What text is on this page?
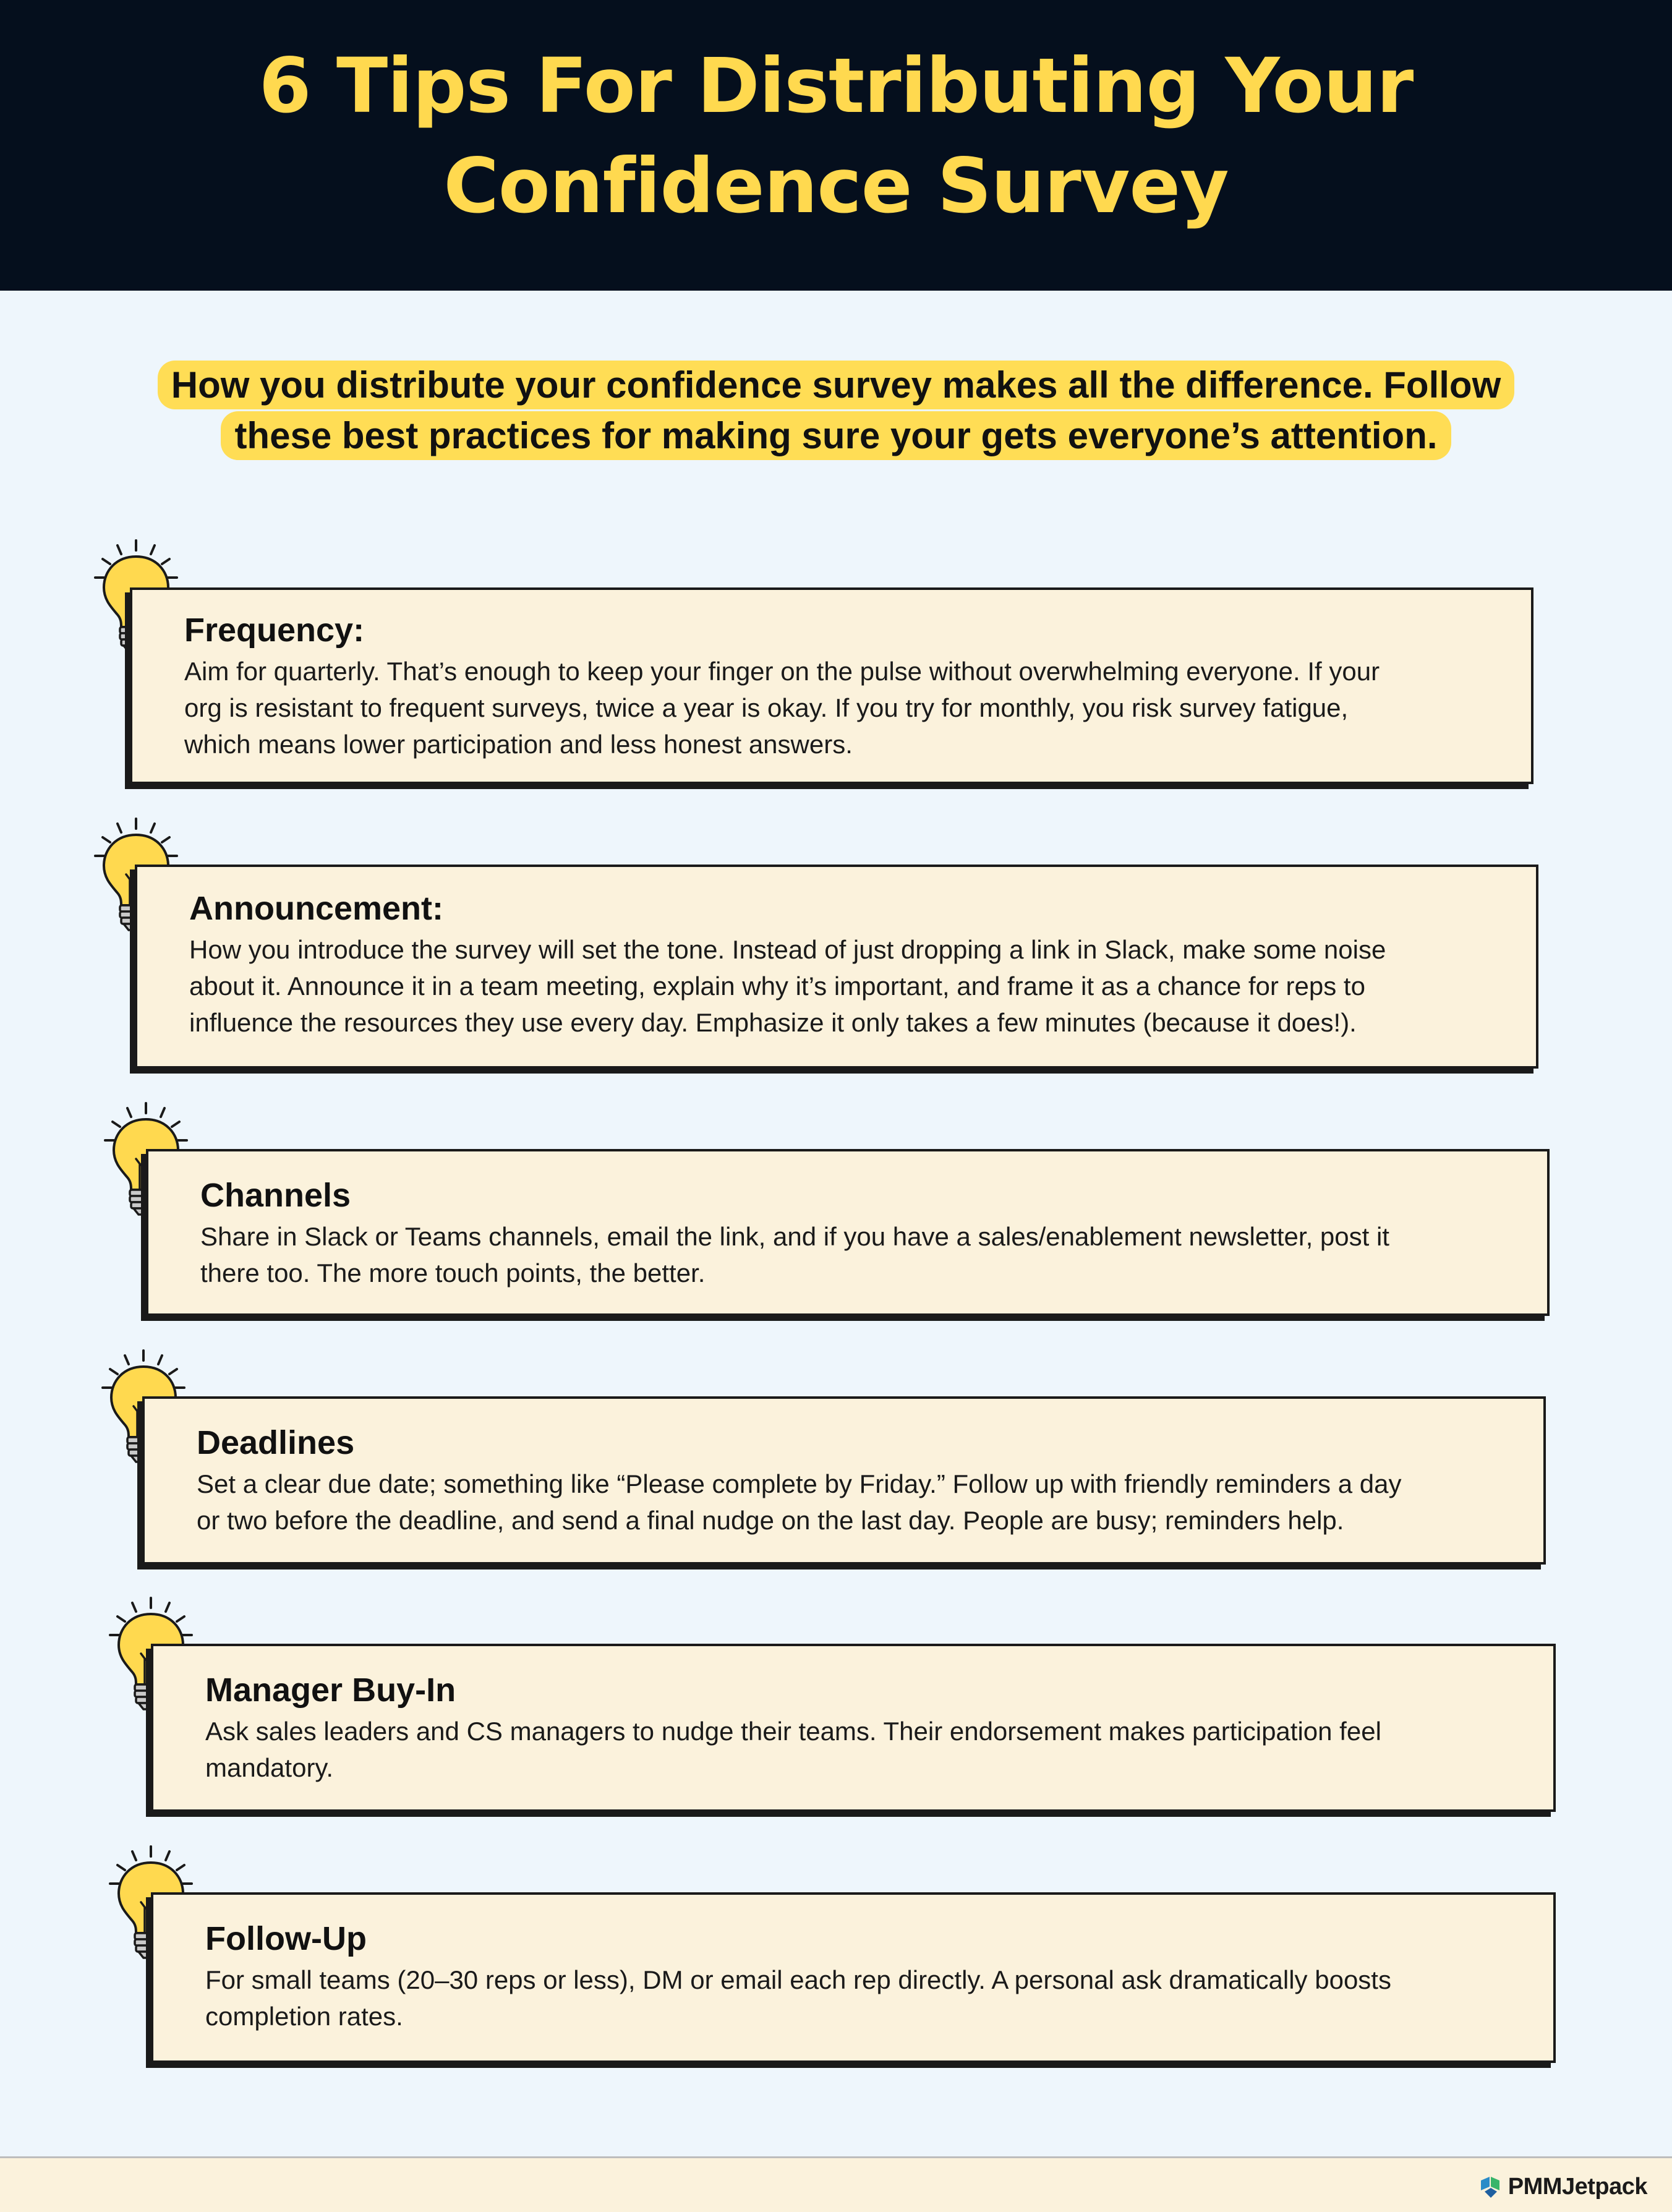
6 Tips For Distributing Your
Confidence Survey
How you distribute your confidence survey makes all the difference. Follow
these best practices for making sure your gets everyone’s attention.
Frequency:
Aim for quarterly. That’s enough to keep your finger on the pulse without overwhelming everyone. If your
org is resistant to frequent surveys, twice a year is okay. If you try for monthly, you risk survey fatigue,
which means lower participation and less honest answers.
Announcement:
How you introduce the survey will set the tone. Instead of just dropping a link in Slack, make some noise
about it. Announce it in a team meeting, explain why it’s important, and frame it as a chance for reps to
influence the resources they use every day. Emphasize it only takes a few minutes (because it does!).
Channels
Share in Slack or Teams channels, email the link, and if you have a sales/enablement newsletter, post it
there too. The more touch points, the better.
Deadlines
Set a clear due date; something like “Please complete by Friday.” Follow up with friendly reminders a day
or two before the deadline, and send a final nudge on the last day. People are busy; reminders help.
Manager Buy-In
Ask sales leaders and CS managers to nudge their teams. Their endorsement makes participation feel
mandatory.
Follow-Up
For small teams (20–30 reps or less), DM or email each rep directly. A personal ask dramatically boosts
completion rates.
PMMJetpack
